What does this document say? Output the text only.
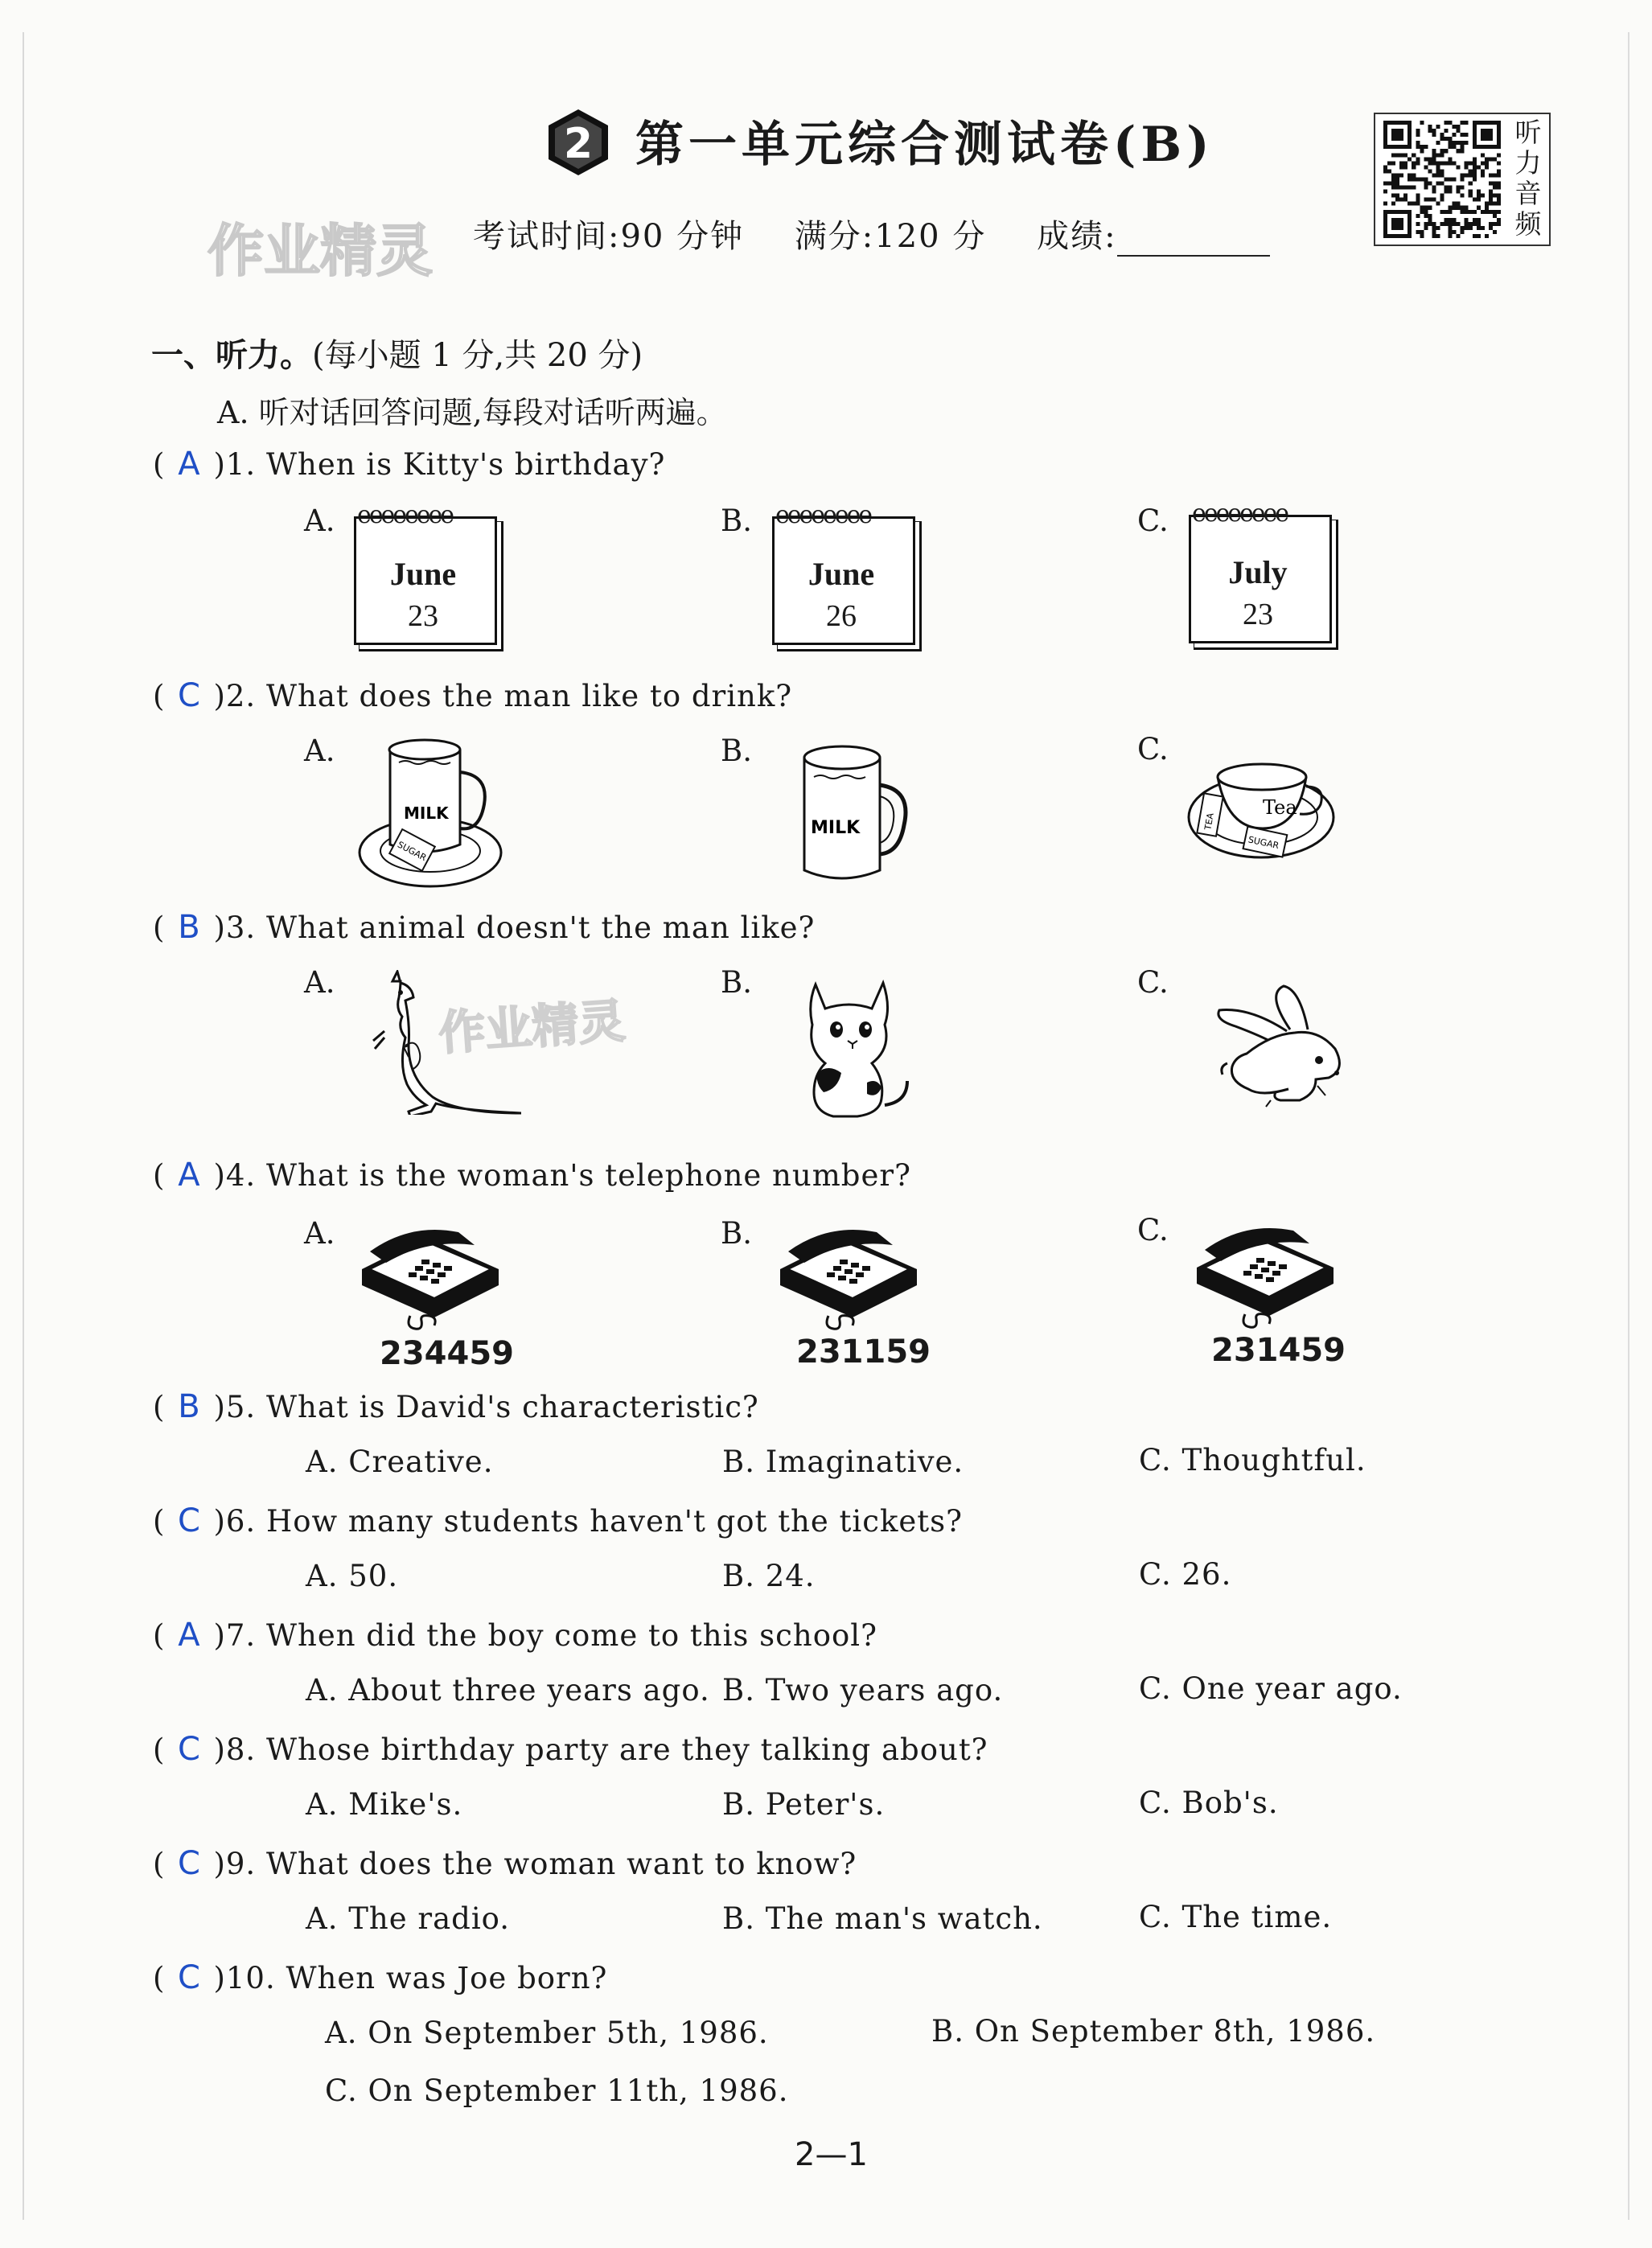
2 第一单元综合测试卷(B)
作业精灵 考试时间:90 分钟 满分:120 分 成绩:
听
力
音
频
一、听力。(每小题 1 分,共 20 分)
A. 听对话回答问题,每段对话听两遍。
( A )1. When is Kitty's birthday?
A. eeeeeeee
June
23
B. eeeeeeee
June
26
C. eeeeeeee
July
23
( C )2. What does the man like to drink?
A.
MILK
SUGAR
B.
MILK
C.
Tea
TEA
SUGAR
( B )3. What animal doesn't the man like?
作业精灵
A.	B.	C.
( A )4. What is the woman's telephone number?
A.
234459
B.
231159
C.
231459
( B )5. What is David's characteristic?
A. Creative.	B. Imaginative.	C. Thoughtful.
( C )6. How many students haven't got the tickets?
A. 50.	B. 24.	C. 26.
( A )7. When did the boy come to this school?
A. About three years ago. B. Two years ago.	C. One year ago.
( C )8. Whose birthday party are they talking about?
A. Mike's.	B. Peter's.	C. Bob's.
( C )9. What does the woman want to know?
A. The radio.	B. The man's watch.	C. The time.
( C )10. When was Joe born?
A. On September 5th, 1986.	B. On September 8th, 1986.
C. On September 11th, 1986.
2—1
